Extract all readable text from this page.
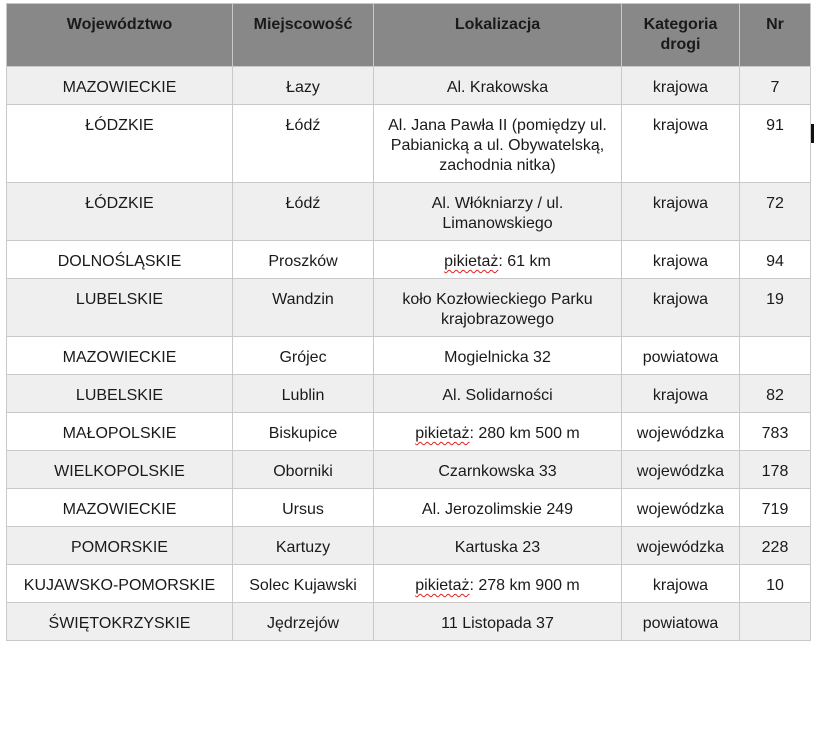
Województwo	Miejscowość	Lokalizacja	Kategoria drogi	Nr
MAZOWIECKIE	Łazy	Al. Krakowska	krajowa	7
ŁÓDZKIE	Łódź	Al. Jana Pawła II (pomiędzy ul. Pabianicką a ul. Obywatelską, zachodnia nitka)	krajowa	91
ŁÓDZKIE	Łódź	Al. Włókniarzy / ul. Limanowskiego	krajowa	72
DOLNOŚLĄSKIE	Proszków	pikietaż: 61 km	krajowa	94
LUBELSKIE	Wandzin	koło Kozłowieckiego Parku krajobrazowego	krajowa	19
MAZOWIECKIE	Grójec	Mogielnicka 32	powiatowa	
LUBELSKIE	Lublin	Al. Solidarności	krajowa	82
MAŁOPOLSKIE	Biskupice	pikietaż: 280 km 500 m	wojewódzka	783
WIELKOPOLSKIE	Oborniki	Czarnkowska 33	wojewódzka	178
MAZOWIECKIE	Ursus	Al. Jerozolimskie 249	wojewódzka	719
POMORSKIE	Kartuzy	Kartuska 23	wojewódzka	228
KUJAWSKO-POMORSKIE	Solec Kujawski	pikietaż: 278 km 900 m	krajowa	10
ŚWIĘTOKRZYSKIE	Jędrzejów	11 Listopada 37	powiatowa	
